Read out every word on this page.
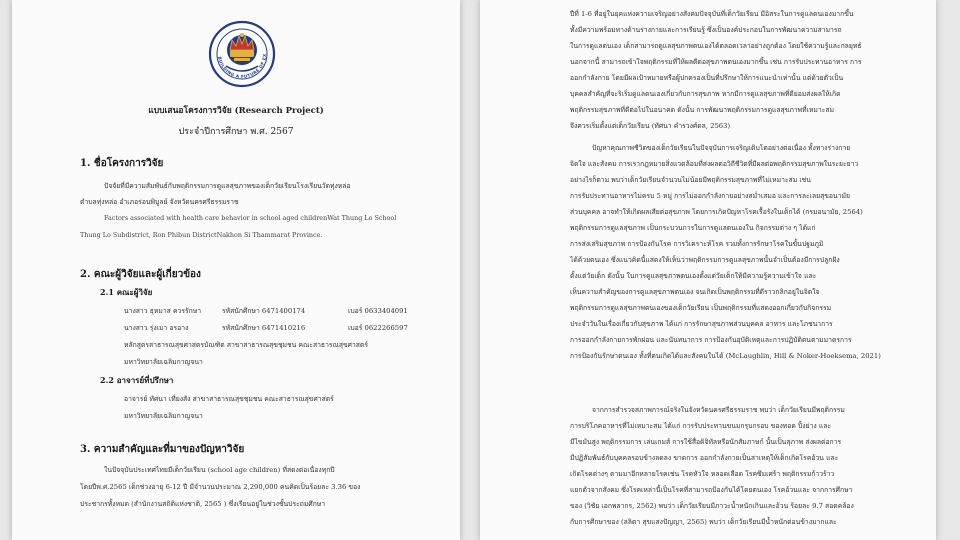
BUILDING A FUTURE OF EX
แบบเสนอโครงการวิจัย (Research Project)
ประจำปีการศึกษา พ.ศ. 2567
1. ชื่อโครงการวิจัย
ปัจจัยที่มีความสัมพันธ์กับพฤติกรรมการดูแลสุขภาพของเด็กวัยเรียนโรงเรียนวัดทุ่งหล่อ
ตำบลทุ่งหล่อ อำเภอร่อนพิบูลย์ จังหวัดนครศรีธรรมราช
Factors associated with health care behavior in school aged childrenWat Thung Lo School
Thung Lo Subdistrict, Ron Phibun DistrictNakhon Si Thammarat Province.
2. คณะผู้วิจัยและผู้เกี่ยวข้อง
2.1 คณะผู้วิจัย
นางสาว ธุหมาส ควรรักษา	รหัสนักศึกษา 6471400174	เบอร์ 0633404091
นางสาว รุ่งเมา อรอาง	รหัสนักศึกษา 6471410216	เบอร์ 0622266597
หลักสูตรสาธารณสุขศาสตรบัณฑิต สาขาสาธารณสุขชุมชน คณะสาธารณสุขศาสตร์
มหาวิทยาลัยเฉลิมกาญจนา
2.2 อาจารย์ที่ปรึกษา
อาจารย์ ทัศนา เที่ยงสัง สาขาสาธารณสุขชุมชน คณะสาธารณสุขศาสตร์
มหาวิทยาลัยเฉลิมกาญจนา
3. ความสำคัญและที่มาของปัญหาวิจัย
ในปัจจุบันประเทศไทยมีเด็กวัยเรียน (school age children) ที่สดงต่อเนื่องทุกปี
โดยปีพ.ศ.2565 เด็กช่วงอายุ 6-12 ปี มีจำนวนประมาณ 2,290,000 คนคิดเป็นร้อยละ 3.36 ของ
ประชากรทั้งหมด (สำนักงานสถิติแห่งชาติ, 2565 ) ซึ่งเรียนอยู่ในช่วงชั้นประถมศึกษา
ปีที่ 1-6 ที่อยู่ในยุคแห่งความเจริญอย่างสังคมปัจจุบันที่เด็กวัยเรียน มีอิสระในการดูแลตนเองมากขึ้น
ทั้งมีความพร้อมทางด้านร่างกายและการเรียนรู้ ซึ่งเป็นองค์ประกอบในการพัฒนาความสามารถ
ในการดูแลตนเอง เด็กสามารถดูแลสุขภาพตนเองได้ตลอดเวลาอย่างถูกต้อง โดยใช้ความรู้และกลยุทธ์
นอกจากนี้ สามารถเข้าใจพฤติกรรมที่ให้ผลดีต่อสุขภาพตนเองมากขึ้น เช่น การรับประทานอาหาร การ
ออกกำลังกาย โดยมีผลเป้าหมายหรือผู้ปกครองเป็นที่ปรึกษาให้การแนะนำเท่านั้น แต่ด้วยตัวเป็น
บุคคลสำคัญที่จะริเริ่มดูแลตนเองเกี่ยวกับการสุขภาพ หากมีการดูแลสุขภาพที่ดีย่อมส่งผลให้เกิด
พฤติกรรมสุขภาพที่ดีต่อไปในอนาคต ดังนั้น การพัฒนาพฤติกรรมการดูแลสุขภาพที่เหมาะสม
จึงควรเริ่มตั้งแต่เด็กวัยเรียน (ทัศนา คำรวงศ์ดล, 2563)
ปัญหาคุณภาพชีวิตของเด็กวัยเรียนในปัจจุบันการเจริญเติบโตอย่างต่อเนื่อง ทั้งทางร่างกาย
จิตใจ และสังคม การเรากฎหมายสิ่งแวดล้อมที่ส่งผลต่อวิถีชีวิตที่มีผลต่อพฤติกรรมสุขภาพในระยะยาว
อย่างไรก็ตาม พบว่าเด็กวัยเรียนจำนวนไม่น้อยมีพฤติกรรมสุขภาพที่ไม่เหมาะสม เช่น
การรับประทานอาหารไม่ครบ 5 หมู่ การไม่ออกกำลังกายอย่างสม่ำเสมอ และการละเลยสุขอนามัย
ส่วนบุคคล อาจทำให้เกิดผลเสียต่อสุขภาพ โดยการเกิดปัญหาโรคเรื้อรังในเด็กได้ (กรมอนามัย, 2564)
พฤติกรรมการดูแลสุขภาพ เป็นกระบวนการในการดูแลตนเองใน กิจกรรมต่าง ๆ ได้แก่
การส่งเสริมสุขภาพ การป้องกันโรค การวิเคราะห์โรค รวมทั้งการรักษาโรคในขั้นปฐมภูมิ
ได้ด้วยตนเอง ซึ่งแนวคิดนี้แสดงให้เห็นว่าพฤติกรรมการดูแลสุขภาพนั้นจำเป็นต้องมีการปลูกฝัง
ตั้งแต่วัยเด็ก ดังนั้น ในการดูแลสุขภาพตนเองตั้งแต่วัยเด็กให้มีความรู้ความเข้าใจ และ
เห็นความสำคัญของการดูแลสุขภาพตนเอง จนเกิดเป็นพฤติกรรมที่ดีราวกลิกอยู่ในจิตใจ
พฤติกรรมการดูแลสุขภาพตนเองของเด็กวัยเรียน เป็นพฤติกรรมที่แสดงออกเกี่ยวกับกิจกรรม
ประจำวันในเรื่องเกี่ยวกับสุขภาพ ได้แก่ การรักษาสุขภาพส่วนบุคคล อาหาร และโภชนาการ
การออกกำลังกายการพักผ่อน และนันทนาการ การป้องกันอุบัติเหตุและการปฏิบัติตนตามมาตรการ
การป้องกันรักษาตนเอง ทั้งที่ตนเกิดได้และสังคมในได้ (McLaughlin, Hill & Noker-Hoeksema, 2021)
จากการสำรวจสภาพการณ์จริงในจังหวัดนครศรีธรรมราช พบว่า เด็กวัยเรียนมีพฤติกรรม
การบริโภคอาหารที่ไม่เหมาะสม ได้แก่ การรับประทานขนมกรุบกรอบ ของทอด ปิ้งย่าง และ
มีไขมันสูง พฤติกรรมการ เล่นเกมส์ การใช้สื่อดิจิทัลหรือนักสัมภาษก์ นั้นเป็นสุภาพ ส่งผลต่อการ
มีปฏิสัมพันธ์กับบุคคลรอบข้างลดลง ขาดการ ออกกำลังกายเป็นสาเหตุให้เด็กเกิดโรคอ้วน และ
เกิดโรคต่างๆ ตามมาอีกหลายโรคเช่น โรคหัวใจ หลอดเลือด โรคซึมเศร้า พฤติกรรมก้าวร้าว
แยกตัวจากสังคม ซึ่งโรคเหล่านี้เป็นโรคที่สามารถป้องกันได้โดยตนเอง โรคอ้วนและ จากการศึกษา
ของ (วิชัย เอกพลากร, 2562) พบว่า เด็กวัยเรียนมีภาวะน้ำหนักเกินและอ้วน ร้อยละ 9.7 สอดคล้อง
กับการศึกษาของ (ลลิตา สุขแสงปัญญา, 2565) พบว่า เด็กวัยเรียนมีน้ำหนักต่อนข้างมากและ
